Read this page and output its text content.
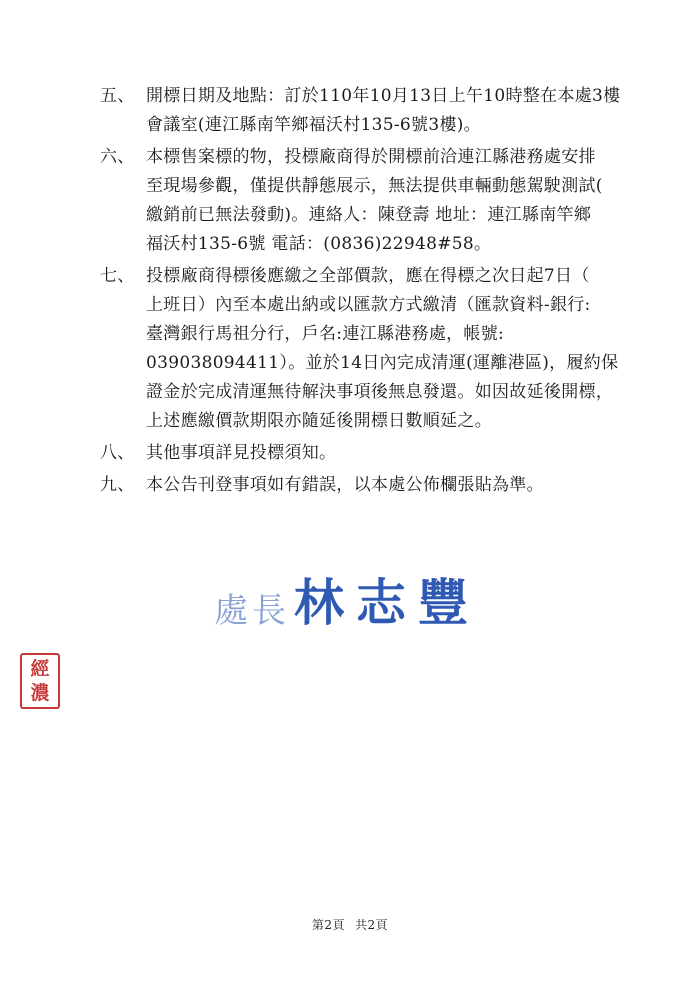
五、 開標日期及地點：訂於110年10月13日上午10時整在本處3樓
會議室(連江縣南竿鄉福沃村135-6號3樓)。
六、 本標售案標的物，投標廠商得於開標前洽連江縣港務處安排
至現場參觀，僅提供靜態展示，無法提供車輛動態駕駛測試(
繳銷前已無法發動)。連絡人：陳登壽 地址：連江縣南竿鄉
福沃村135-6號 電話：(0836)22948#58。
七、 投標廠商得標後應繳之全部價款，應在得標之次日起7日（
上班日）內至本處出納或以匯款方式繳清（匯款資料-銀行:
臺灣銀行馬祖分行，戶名:連江縣港務處，帳號:
039038094411）。並於14日內完成清運(運離港區)，履約保
證金於完成清運無待解決事項後無息發還。如因故延後開標，
上述應繳價款期限亦隨延後開標日數順延之。
八、 其他事項詳見投標須知。
九、 本公告刊登事項如有錯誤，以本處公佈欄張貼為準。
處長 林志豐
經
濃
第2頁 共2頁
